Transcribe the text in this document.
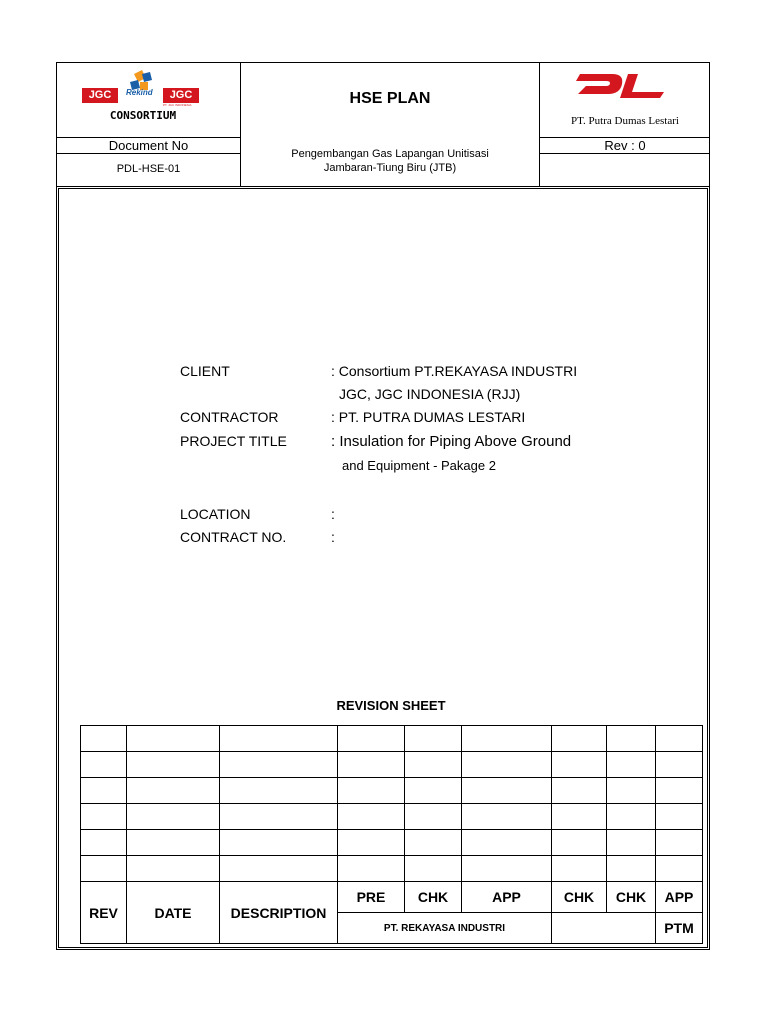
JGC	Rekind	JGC
PT. JGC INDONESIA
CONSORTIUM
HSE PLAN
PT. Putra Dumas Lestari
Document No
PDL-HSE-01
Pengembangan Gas Lapangan Unitisasi
Jambaran-Tiung Biru (JTB)
Rev : 0
CLIENT	: Consortium PT.REKAYASA INDUSTRI
JGC, JGC INDONESIA (RJJ)
CONTRACTOR	: PT. PUTRA DUMAS LESTARI
PROJECT TITLE	: Insulation for Piping Above Ground
and Equipment - Pakage 2
LOCATION	:
CONTRACT NO.	:
REVISION SHEET

REV	DATE	DESCRIPTION	PRE	CHK	APP	CHK	CHK	APP
			PT. REKAYASA INDUSTRI					PTM
